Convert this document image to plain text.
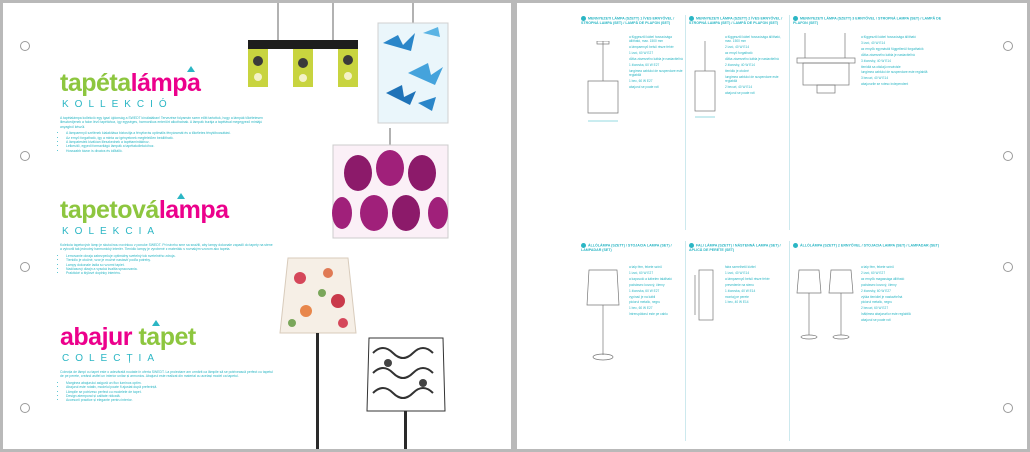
tapétalámpa
KOLLEKCIÓ
A tapétalámpa kollekció egy igazi újdonság a SWEDT kínálatában! Tervezése folyamán szem előtt tartottuk, hogy a lámpák tökéletesen illeszkedjenek a falon lévő tapétához, így egységes, harmonikus enteriőrt alkothatnak. A lámpák burája a tapétával megegyező mintájú anyagból készül.
• A lámpaernyő szélének kialakítása biztosítja a fényforrás optimális fényáramát és a tökéletes fénykibocsátást.
• Az ernyő forgatható, így a minta az igényeknek megfelelően beállítható.
• A lámpatestek kiválóan illeszkednek a tapétamintákhoz.
• Lelkesítő, egyedi formavilágú lámpák a tapétakollekcióhoz.
• Hosszabb távon is divatos és időtálló.
tapetoválampa
KOLEKCIA
Kolekcia tapetových lámp je skutočnou novinkou v ponuke SWEDT. Pri návrhu sme sa snažili, aby lampy dokonale zapadli do tapety na stene a vytvorili tak jednotný harmonický interiér. Tienidlo lampy je vyrobené z materiálu s rovnakým vzorom ako tapeta.
• Lemovanie okraja zabezpečuje optimálny svetelný tok svetelného zdroja.
• Tienidlo je otočné, vzor je možné nastaviť podľa potreby.
• Lampy dokonale ladia so vzormi tapiet.
• Nadčasový dizajn a vysoká kvalita spracovania.
• Praktické a štýlové doplnky interiéru.
abajur tapet
COLECȚIA
Colecția de lămpi cu tapet este o adevărată noutate în oferta SWEDT. La proiectare am urmărit ca lămpile să se potrivească perfect cu tapetul de pe perete, creând astfel un interior unitar și armonios. Abajurul este realizat din material cu același model ca tapetul.
• Marginea abajurului asigură un flux luminos optim.
• Abajurul este rotativ, modelul poate fi ajustat după preferință.
• Lămpile se potrivesc perfect cu modelele de tapet.
• Design atemporal și calitate ridicată.
• Accesorii practice și elegante pentru interior.
MENNYEZETI LÁMPA (SZETT) 1 ÍVES ERNYŐVEL / STROPNÁ LAMPA (SET) / LAMPĂ DE PLAFON (SET)

a függesztő kábel hosszúsága állítható, max. 1500 mm

a lámpaernyő belső része fehér

1 izzó, 60 W E27

dĺžka závesného kábla je nastaviteľná

1 žiarovka, 60 W E27

lungimea cablului de suspendare este reglabilă

1 bec, 60 W E27

abajurul se poate roti

MENNYEZETI LÁMPA (SZETT) 2 ÍVES ERNYŐVEL / STROPNÁ LAMPA (SET) / LAMPĂ DE PLAFON (SET)

a függesztő kábel hosszúsága állítható, max. 1500 mm

2 izzó, 40 W E14

az ernyő forgatható

dĺžka závesného kábla je nastaviteľná

2 žiarovky, 40 W E14

tienidlo je otočné

lungimea cablului de suspendare este reglabilă

2 becuri, 40 W E14

abajurul se poate roti

MENNYEZETI LÁMPA (SZETT) 3 ERNYŐVEL / STROPNÁ LAMPA (SET) / LAMPĂ DE PLAFON (SET)

a függesztő kábel hosszúsága állítható

3 izzó, 40 W E14

az ernyők egymástól függetlenül forgathatók

dĺžka závesného kábla je nastaviteľná

3 žiarovky, 40 W E14

tienidlá sa otáčajú nezávisle

lungimea cablului de suspendare este reglabilă

3 becuri, 40 W E14

abajururile se rotesc independent

ÁLLÓLÁMPA (SZETT) / STOJACIA LAMPA (SET) / LAMPADAR (SET)

a talp fém, fekete színű

1 izzó, 60 W E27

a kapcsoló a kábelen található

podstavec kovový, čierny

1 žiarovka, 60 W E27

vypínač je na kábli

piciorul metalic, negru

1 bec, 60 W E27

întrerupătorul este pe cablu

FALI LÁMPA (SZETT) / NÁSTENNÁ LAMPA (SET) / APLICĂ DE PERETE (SET)

falra szerelhető kivitel

1 izzó, 40 W E14

a lámpaernyő belső része fehér

prevedenie na stenu

1 žiarovka, 40 W E14

montaj pe perete

1 bec, 40 W E14

ÁLLÓLÁMPA (SZETT) 2 ERNYŐVEL / STOJACIA LAMPA (SET) / LAMPADAR (SET)

a talp fém, fekete színű

2 izzó, 60 W E27

az ernyők magassága állítható

podstavec kovový, čierny

2 žiarovky, 60 W E27

výška tienidiel je nastaviteľná

piciorul metalic, negru

2 becuri, 60 W E27

înălțimea abajururilor este reglabilă

abajurul se poate roti
